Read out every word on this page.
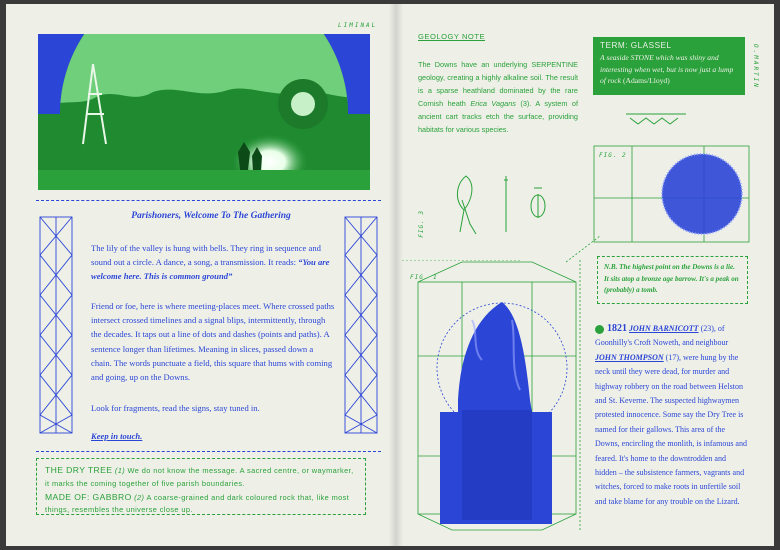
LIMINAL
Parishoners, Welcome To The Gathering
The lily of the valley is hung with bells. They ring in sequence and sound out a circle. A dance, a song, a transmission. It reads: “You are welcome here. This is common ground”
Friend or foe, here is where meeting-places meet. Where crossed paths intersect crossed timelines and a signal blips, intermittently, through the decades. It taps out a line of dots and dashes (points and paths). A sentence longer than lifetimes. Meaning in slices, passed down a chain. The words punctuate a field, this square that hums with coming and going, up on the Downs.
Look for fragments, read the signs, stay tuned in.
Keep in touch.
THE DRY TREE (1) We do not know the message. A sacred centre, or waymarker, it marks the coming together of five parish boundaries.
MADE OF: GABBRO (2) A coarse-grained and dark coloured rock that, like most things, resembles the universe close up.
GEOLOGY NOTE
The Downs have an underlying SERPENTINE geology, creating a highly alkaline soil. The result is a sparse heathland dominated by the rare Cornish heath Erica Vagans (3). A system of ancient cart tracks etch the surface, providing habitats for various species.
TERM: GLASSEL
A seaside STONE which was shiny and interesting when wet, but is now just a lump of rock (Adams/Lloyd)	O.MARTIN
FIG. 2
FIG. 3
N.B. The highest point on the Downs is a lie. It sits atop a bronze age barrow. It's a peak on (probably) a tomb.
FIG. 1
1821 JOHN BARNICOTT (23), of Goonhilly's Croft Noweth, and neighbour JOHN THOMPSON (17), were hung by the neck until they were dead, for murder and highway robbery on the road between Helston and St. Keverne. The suspected highwaymen protested innocence. Some say the Dry Tree is named for their gallows. This area of the Downs, encircling the monlith, is infamous and feared. It's home to the downtrodden and hidden – the subsistence farmers, vagrants and witches, forced to make roots in unfertile soil and take blame for any trouble on the Lizard.
